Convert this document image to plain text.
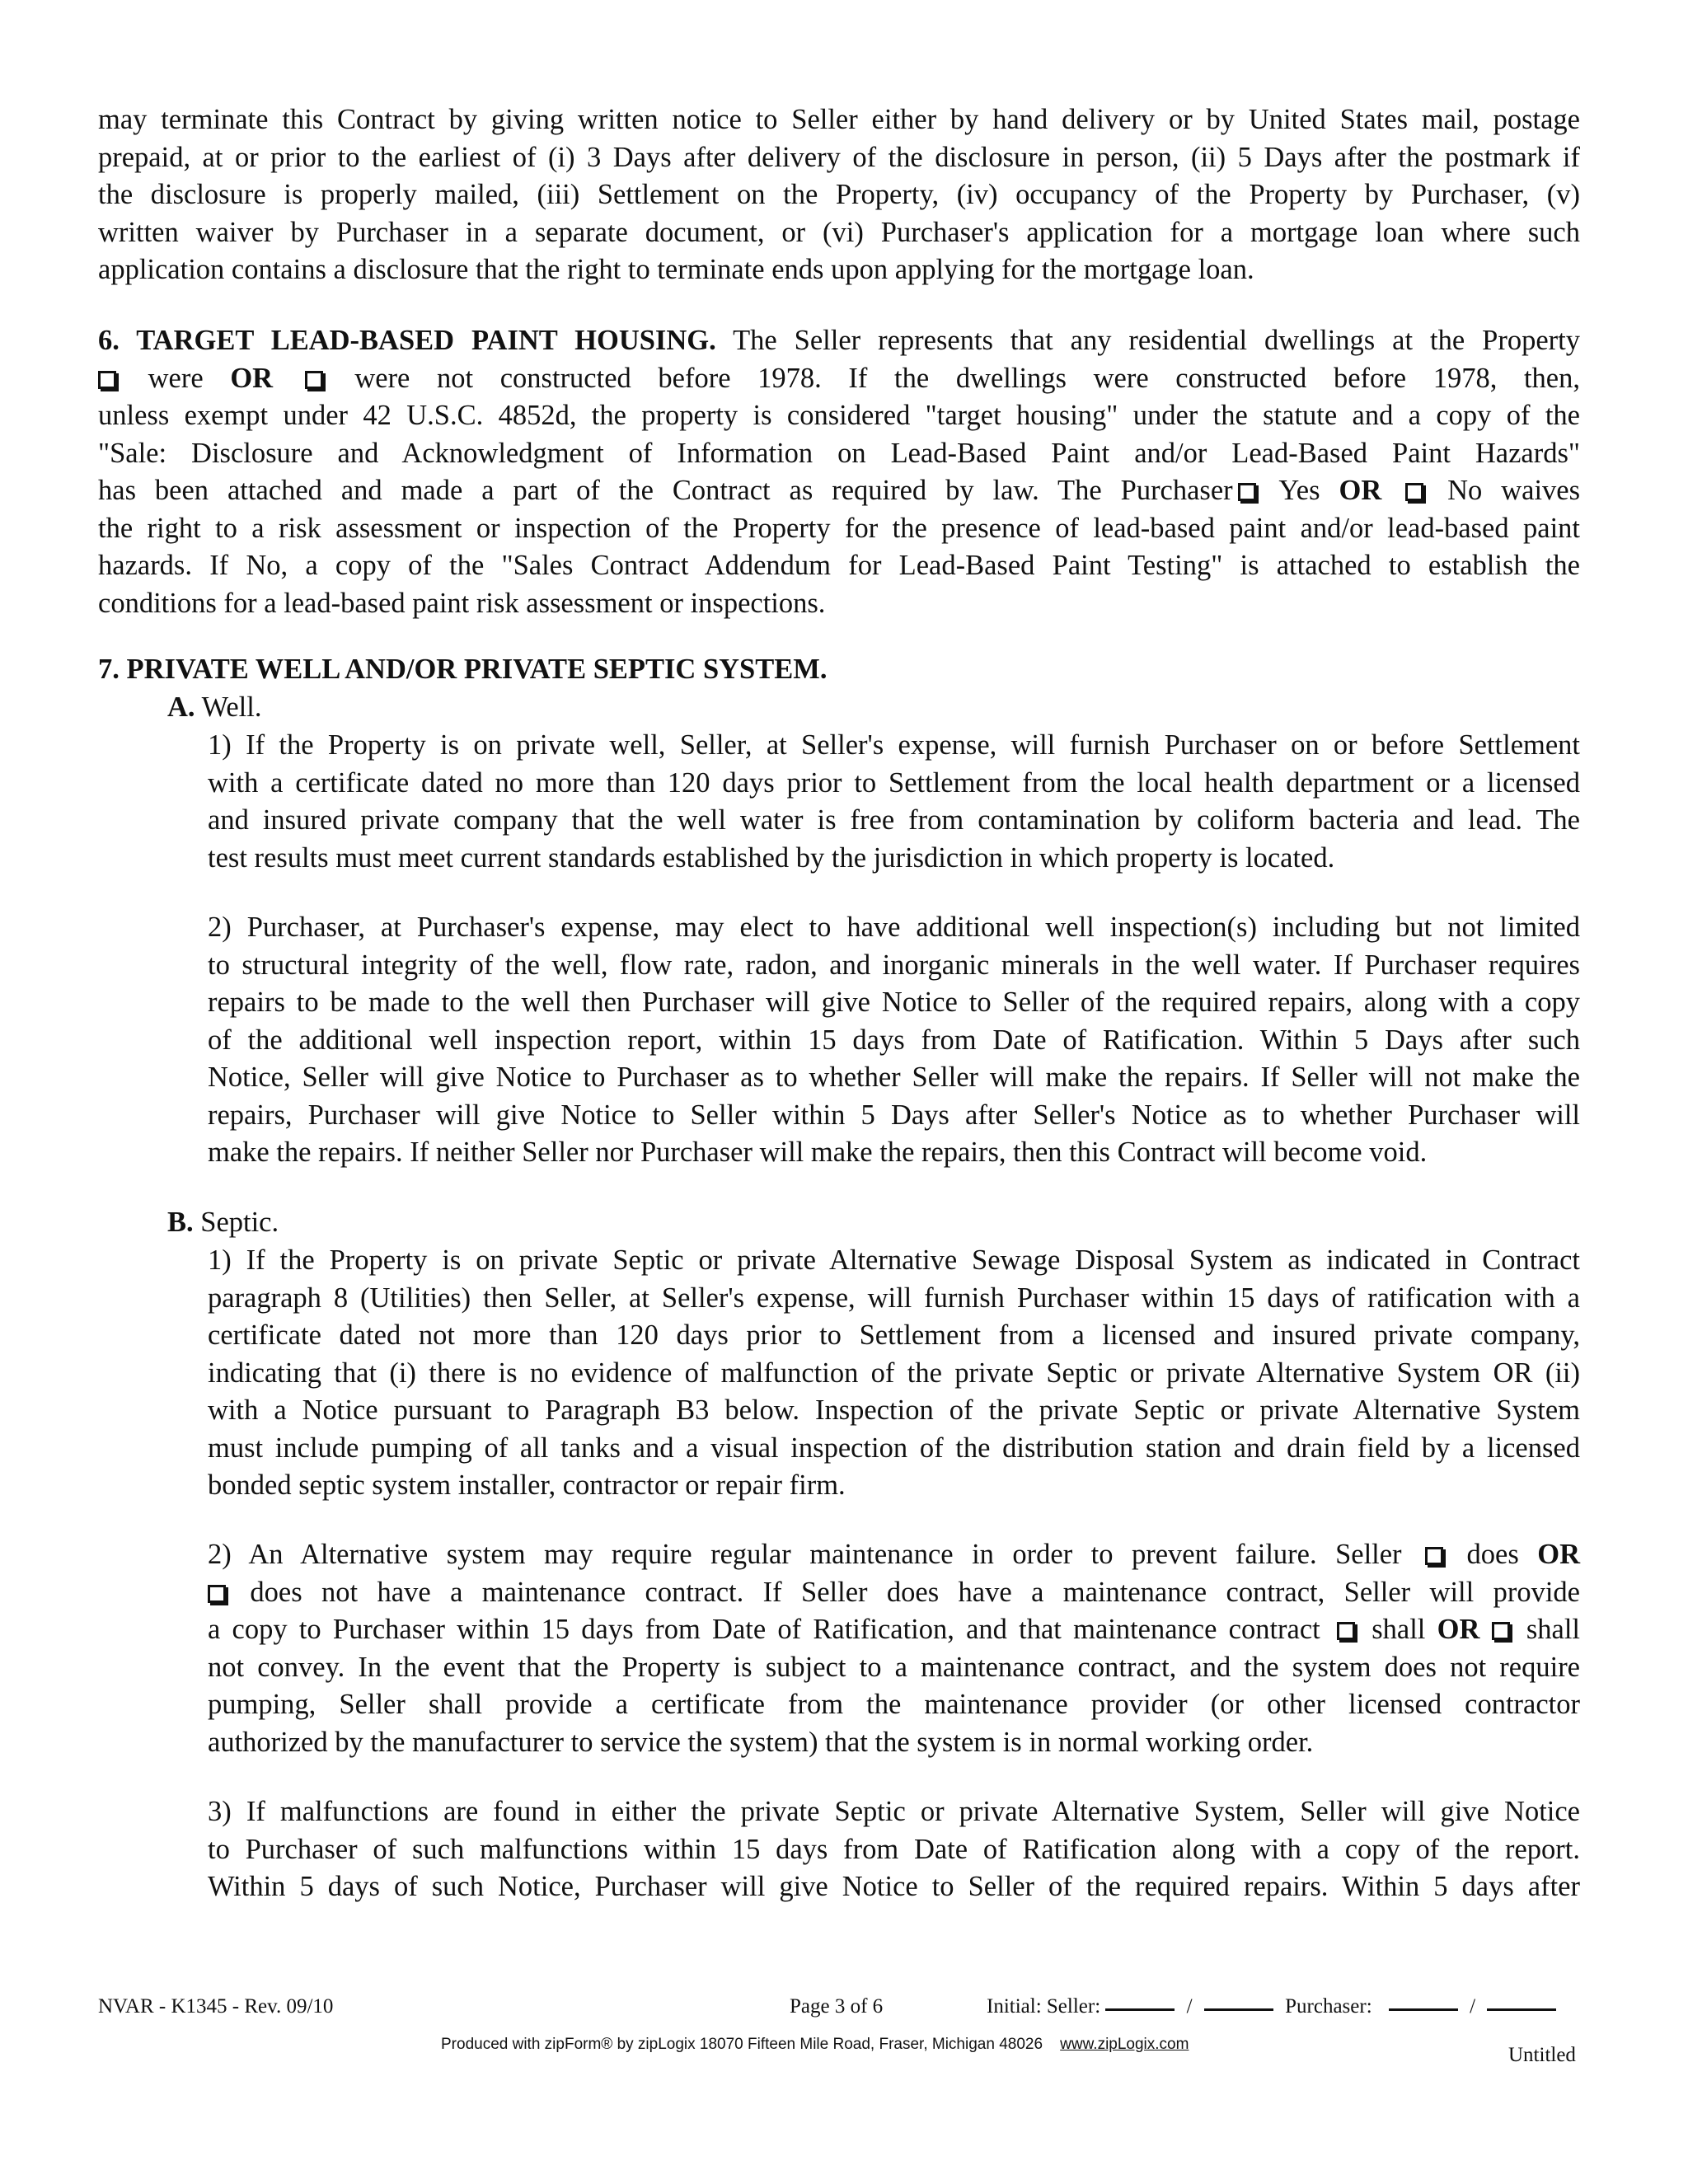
may terminate this Contract by giving written notice to Seller either by hand delivery or by United States mail, postage
prepaid, at or prior to the earliest of (i) 3 Days after delivery of the disclosure in person, (ii) 5 Days after the postmark if
the disclosure is properly mailed, (iii) Settlement on the Property, (iv) occupancy of the Property by Purchaser, (v)
written waiver by Purchaser in a separate document, or (vi) Purchaser's application for a mortgage loan where such
application contains a disclosure that the right to terminate ends upon applying for the mortgage loan.
6. TARGET LEAD-BASED PAINT HOUSING. The Seller represents that any residential dwellings at the Property
were OR	were not constructed before 1978. If the dwellings were constructed before 1978, then,
unless exempt under 42 U.S.C. 4852d, the property is considered "target housing" under the statute and a copy of the
"Sale: Disclosure and Acknowledgment of Information on Lead-Based Paint and/or Lead-Based Paint Hazards"
has been attached and made a part of the Contract as required by law. The Purchaser Yes OR No waives
the right to a risk assessment or inspection of the Property for the presence of lead-based paint and/or lead-based paint
hazards. If No, a copy of the "Sales Contract Addendum for Lead-Based Paint Testing" is attached to establish the
conditions for a lead-based paint risk assessment or inspections.
7. PRIVATE WELL AND/OR PRIVATE SEPTIC SYSTEM.
A. Well.
1) If the Property is on private well, Seller, at Seller's expense, will furnish Purchaser on or before Settlement
with a certificate dated no more than 120 days prior to Settlement from the local health department or a licensed
and insured private company that the well water is free from contamination by coliform bacteria and lead. The
test results must meet current standards established by the jurisdiction in which property is located.
2) Purchaser, at Purchaser's expense, may elect to have additional well inspection(s) including but not limited
to structural integrity of the well, flow rate, radon, and inorganic minerals in the well water. If Purchaser requires
repairs to be made to the well then Purchaser will give Notice to Seller of the required repairs, along with a copy
of the additional well inspection report, within 15 days from Date of Ratification. Within 5 Days after such
Notice, Seller will give Notice to Purchaser as to whether Seller will make the repairs. If Seller will not make the
repairs, Purchaser will give Notice to Seller within 5 Days after Seller's Notice as to whether Purchaser will
make the repairs. If neither Seller nor Purchaser will make the repairs, then this Contract will become void.
B. Septic.
1) If the Property is on private Septic or private Alternative Sewage Disposal System as indicated in Contract
paragraph 8 (Utilities) then Seller, at Seller's expense, will furnish Purchaser within 15 days of ratification with a
certificate dated not more than 120 days prior to Settlement from a licensed and insured private company,
indicating that (i) there is no evidence of malfunction of the private Septic or private Alternative System OR (ii)
with a Notice pursuant to Paragraph B3 below. Inspection of the private Septic or private Alternative System
must include pumping of all tanks and a visual inspection of the distribution station and drain field by a licensed
bonded septic system installer, contractor or repair firm.
2) An Alternative system may require regular maintenance in order to prevent failure. Seller does OR
does not have a maintenance contract. If Seller does have a maintenance contract, Seller will provide
a copy to Purchaser within 15 days from Date of Ratification, and that maintenance contract shall OR shall
not convey. In the event that the Property is subject to a maintenance contract, and the system does not require
pumping, Seller shall provide a certificate from the maintenance provider (or other licensed contractor
authorized by the manufacturer to service the system) that the system is in normal working order.
3) If malfunctions are found in either the private Septic or private Alternative System, Seller will give Notice
to Purchaser of such malfunctions within 15 days from Date of Ratification along with a copy of the report.
Within 5 days of such Notice, Purchaser will give Notice to Seller of the required repairs. Within 5 days after
NVAR - K1345 - Rev. 09/10	Page 3 of 6	Initial: Seller:	/	Purchaser:	/
Produced with zipForm® by zipLogix 18070 Fifteen Mile Road, Fraser, Michigan 48026 www.zipLogix.com	Untitled
